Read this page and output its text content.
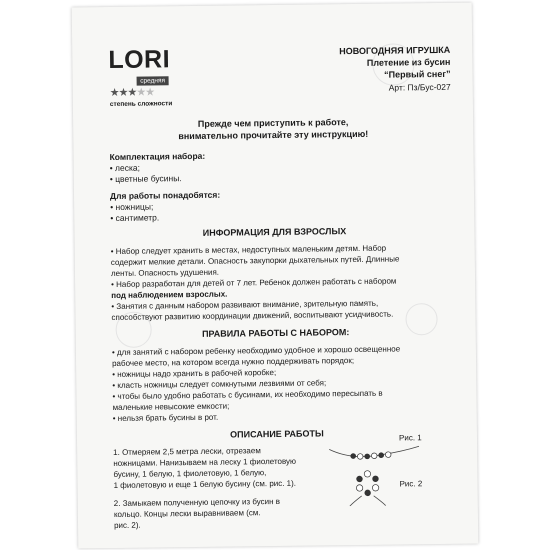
LORI
средняя
★★★★★
степень сложности
НОВОГОДНЯЯ ИГРУШКА
Плетение из бусин
“Первый снег”
Арт: Пз/Бус-027
Прежде чем приступить к работе,
внимательно прочитайте эту инструкцию!
Комплектация набора:
• леска;
• цветные бусины.
Для работы понадобятся:
• ножницы;
• сантиметр.
ИНФОРМАЦИЯ ДЛЯ ВЗРОСЛЫХ
• Набор следует хранить в местах, недоступных маленьким детям. Набор
содержит мелкие детали. Опасность закупорки дыхательных путей. Длинные
ленты. Опасность удушения.
• Набор разработан для детей от 7 лет. Ребенок должен работать с набором
под наблюдением взрослых.
• Занятия с данным набором развивают внимание, зрительную память,
способствуют развитию координации движений, воспитывают усидчивость.
ПРАВИЛА РАБОТЫ С НАБОРОМ:
• для занятий с набором ребенку необходимо удобное и хорошо освещенное
рабочее место, на котором всегда нужно поддерживать порядок;
• ножницы надо хранить в рабочей коробке;
• класть ножницы следует сомкнутыми лезвиями от себя;
• чтобы было удобно работать с бусинами, их необходимо пересыпать в
маленькие невысокие емкости;
• нельзя брать бусины в рот.
ОПИСАНИЕ РАБОТЫ
1. Отмеряем 2,5 метра лески, отрезаем
ножницами. Нанизываем на леску 1 фиолетовую
бусину, 1 белую, 1 фиолетовую, 1 белую,
1 фиолетовую и еще 1 белую бусину (см. рис. 1).
2. Замыкаем полученную цепочку из бусин в
кольцо. Концы лески выравниваем (см.
рис. 2).
Рис. 1
Рис. 2
